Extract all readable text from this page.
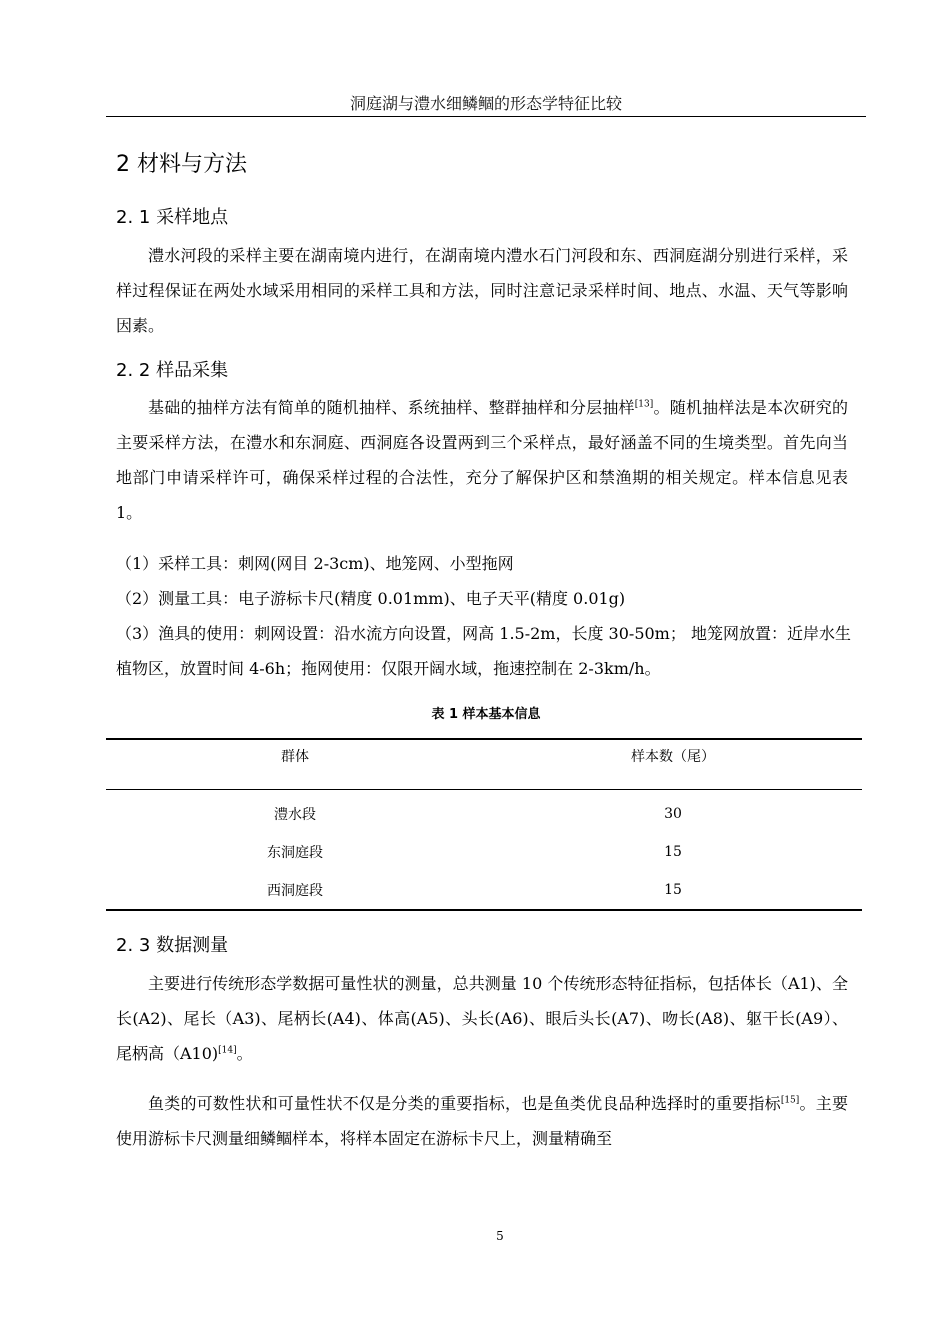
洞庭湖与澧水细鳞鲴的形态学特征比较
2 材料与方法
2. 1 采样地点

澧水河段的采样主要在湖南境内进行，在湖南境内澧水石门河段和东、西洞庭湖分别进行采样，采样过程保证在两处水域采用相同的采样工具和方法，同时注意记录采样时间、地点、水温、天气等影响因素。

2. 2 样品采集

基础的抽样方法有简单的随机抽样、系统抽样、整群抽样和分层抽样[13]。随机抽样法是本次研究的主要采样方法，在澧水和东洞庭、西洞庭各设置两到三个采样点，最好涵盖不同的生境类型。首先向当地部门申请采样许可，确保采样过程的合法性，充分了解保护区和禁渔期的相关规定。样本信息见表 1。

（1）采样工具：刺网(网目 2-3cm)、地笼网、小型拖网
（2）测量工具：电子游标卡尺(精度 0.01mm)、电子天平(精度 0.01g)
（3）渔具的使用：刺网设置：沿水流方向设置，网高 1.5-2m，长度 30-50m； 地笼网放置：近岸水生植物区，放置时间 4-6h；拖网使用：仅限开阔水域，拖速控制在 2-3km/h。
表 1 样本基本信息
群体	样本数（尾）
澧水段	30
东洞庭段	15
西洞庭段	15
2. 3 数据测量

主要进行传统形态学数据可量性状的测量，总共测量 10 个传统形态特征指标，包括体长（A1)、全长(A2)、尾长（A3)、尾柄长(A4)、体高(A5)、头长(A6)、眼后头长(A7)、吻长(A8)、躯干长(A9）、尾柄高（A10)[14]。

鱼类的可数性状和可量性状不仅是分类的重要指标，也是鱼类优良品种选择时的重要指标[15]。主要使用游标卡尺测量细鳞鲴样本，将样本固定在游标卡尺上，测量精确至

5
